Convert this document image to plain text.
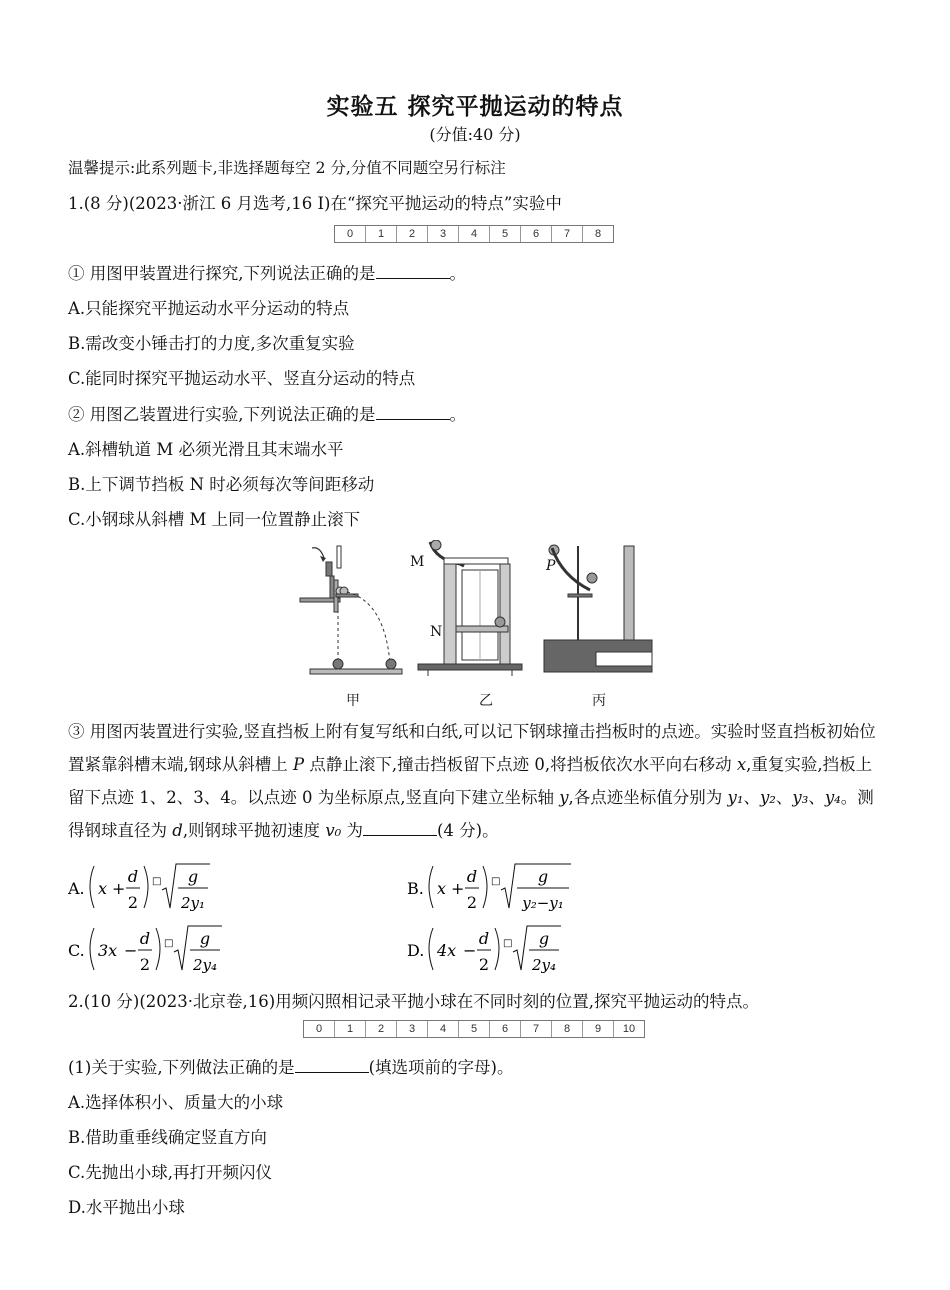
实验五 探究平抛运动的特点
(分值:40 分)
温馨提示:此系列题卡,非选择题每空 2 分,分值不同题空另行标注
1.(8 分)(2023·浙江 6 月选考,16 Ⅰ)在“探究平抛运动的特点”实验中
0	1	2	3	4	5	6	7	8
① 用图甲装置进行探究,下列说法正确的是	。
A.只能探究平抛运动水平分运动的特点
B.需改变小锤击打的力度,多次重复实验
C.能同时探究平抛运动水平、竖直分运动的特点
② 用图乙装置进行实验,下列说法正确的是	。
A.斜槽轨道 M 必须光滑且其末端水平
B.上下调节挡板 N 时必须每次等间距移动
C.小钢球从斜槽 M 上同一位置静止滚下
甲
M
N
乙
P
丙
③ 用图丙装置进行实验,竖直挡板上附有复写纸和白纸,可以记下钢球撞击挡板时的点迹。实验时竖直挡板初始位置紧靠斜槽末端,钢球从斜槽上 P 点静止滚下,撞击挡板留下点迹 0,将挡板依次水平向右移动 x,重复实验,挡板上留下点迹 1、2、3、4。以点迹 0 为坐标原点,竖直向下建立坐标轴 y,各点迹坐标值分别为 y₁、y₂、y₃、y₄。测得钢球直径为 d,则钢球平抛初速度 v₀ 为	(4 分)。
A. x +
d
2
□ g
2y₁
B. x +
d
2
□ g
y₂−y₁
C. 3x −
d
2
□ g
2y₄
D. 4x −
d
2
□ g
2y₄
2.(10 分)(2023·北京卷,16)用频闪照相记录平抛小球在不同时刻的位置,探究平抛运动的特点。
0	1	2	3	4	5	6	7	8	9	10
(1)关于实验,下列做法正确的是	(填选项前的字母)。
A.选择体积小、质量大的小球
B.借助重垂线确定竖直方向
C.先抛出小球,再打开频闪仪
D.水平抛出小球
